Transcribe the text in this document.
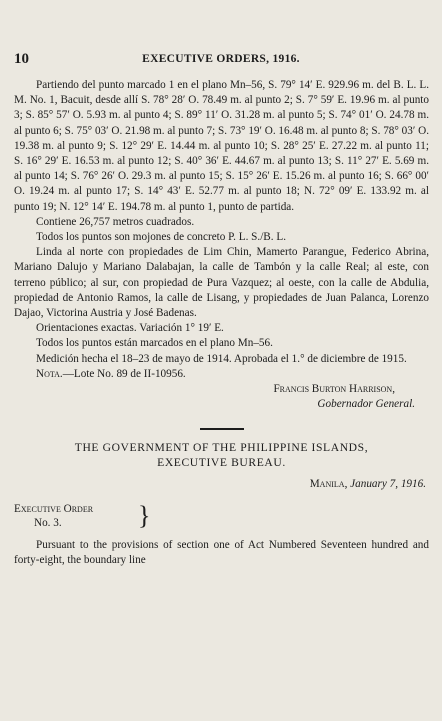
10	EXECUTIVE ORDERS, 1916.

Partiendo del punto marcado 1 en el plano Mn–56, S. 79° 14′ E. 929.96 m. del B. L. L. M. No. 1, Bacuit, desde allí S. 78° 28′ O. 78.49 m. al punto 2; S. 7° 59′ E. 19.96 m. al punto 3; S. 85° 57′ O. 5.93 m. al punto 4; S. 89° 11′ O. 31.28 m. al punto 5; S. 74° 01′ O. 24.78 m. al punto 6; S. 75° 03′ O. 21.98 m. al punto 7; S. 73° 19′ O. 16.48 m. al punto 8; S. 78° 03′ O. 19.38 m. al punto 9; S. 12° 29′ E. 14.44 m. al punto 10; S. 28° 25′ E. 27.22 m. al punto 11; S. 16° 29′ E. 16.53 m. al punto 12; S. 40° 36′ E. 44.67 m. al punto 13; S. 11° 27′ E. 5.69 m. al punto 14; S. 76° 26′ O. 29.3 m. al punto 15; S. 15° 26′ E. 15.26 m. al punto 16; S. 66° 00′ O. 19.24 m. al punto 17; S. 14° 43′ E. 52.77 m. al punto 18; N. 72° 09′ E. 133.92 m. al punto 19; N. 12° 14′ E. 194.78 m. al punto 1, punto de partida.

Contiene 26,757 metros cuadrados.

Todos los puntos son mojones de concreto P. L. S./B. L.

Linda al norte con propiedades de Lim Chin, Mamerto Parangue, Federico Abrina, Mariano Dalujo y Mariano Dalabajan, la calle de Tambón y la calle Real; al este, con terreno público; al sur, con propiedad de Pura Vazquez; al oeste, con la calle de Abdulia, propiedad de Antonio Ramos, la calle de Lisang, y propiedades de Juan Palanca, Lorenzo Dajao, Victorina Austria y José Badenas.

Orientaciones exactas. Variación 1° 19′ E.

Todos los puntos están marcados en el plano Mn–56.

Medición hecha el 18–23 de mayo de 1914. Aprobada el 1.° de diciembre de 1915.

Nota.—Lote No. 89 de II-10956.

Francis Burton Harrison,

Gobernador General.

THE GOVERNMENT OF THE PHILIPPINE ISLANDS,
EXECUTIVE BUREAU.
Manila, January 7, 1916.
Executive Order
No. 3.	}

Pursuant to the provisions of section one of Act Numbered Seventeen hundred and forty-eight, the boundary line
